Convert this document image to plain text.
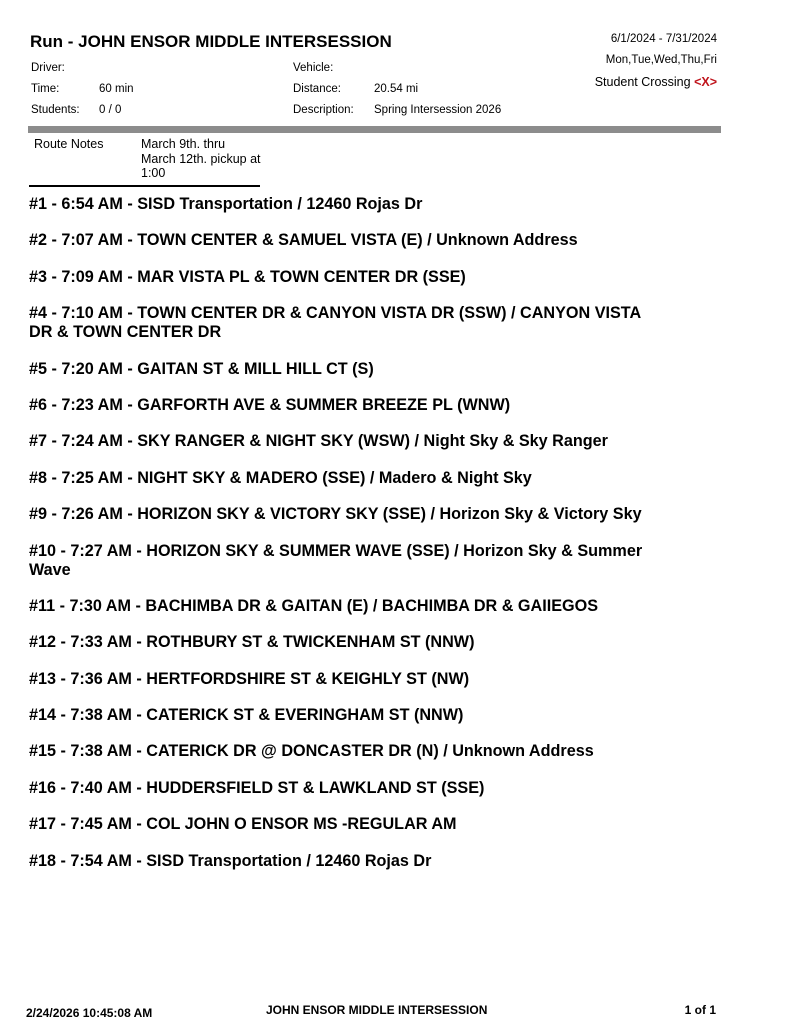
Run - JOHN ENSOR MIDDLE INTERSESSION	6/1/2024 - 7/31/2024
Mon,Tue,Wed,Thu,Fri
Student Crossing <X>
Driver:
Time:	60 min
Students: 0 / 0
Vehicle:
Distance:	20.54 mi
Description: Spring Intersession 2026
Route Notes	March 9th. thru March 12th. pickup at 1:00
#1 - 6:54 AM - SISD Transportation / 12460 Rojas Dr
#2 - 7:07 AM - TOWN CENTER & SAMUEL VISTA (E) / Unknown Address
#3 - 7:09 AM - MAR VISTA PL & TOWN CENTER DR (SSE)
#4 - 7:10 AM - TOWN CENTER DR & CANYON VISTA DR (SSW) / CANYON VISTA DR & TOWN CENTER DR
#5 - 7:20 AM - GAITAN ST & MILL HILL CT (S)
#6 - 7:23 AM - GARFORTH AVE & SUMMER BREEZE PL (WNW)
#7 - 7:24 AM - SKY RANGER & NIGHT SKY (WSW) / Night Sky & Sky Ranger
#8 - 7:25 AM - NIGHT SKY & MADERO (SSE) / Madero & Night Sky
#9 - 7:26 AM - HORIZON SKY & VICTORY SKY (SSE) / Horizon Sky & Victory Sky
#10 - 7:27 AM - HORIZON SKY & SUMMER WAVE (SSE) / Horizon Sky & Summer Wave
#11 - 7:30 AM - BACHIMBA DR & GAITAN (E) / BACHIMBA DR & GAIIEGOS
#12 - 7:33 AM - ROTHBURY ST & TWICKENHAM ST (NNW)
#13 - 7:36 AM - HERTFORDSHIRE ST & KEIGHLY ST (NW)
#14 - 7:38 AM - CATERICK ST & EVERINGHAM ST (NNW)
#15 - 7:38 AM - CATERICK DR @ DONCASTER DR (N) / Unknown Address
#16 - 7:40 AM - HUDDERSFIELD ST & LAWKLAND ST (SSE)
#17 - 7:45 AM - COL JOHN O ENSOR MS -REGULAR AM
#18 - 7:54 AM - SISD Transportation / 12460 Rojas Dr
2/24/2026 10:45:08 AM	JOHN ENSOR MIDDLE INTERSESSION	1 of 1
